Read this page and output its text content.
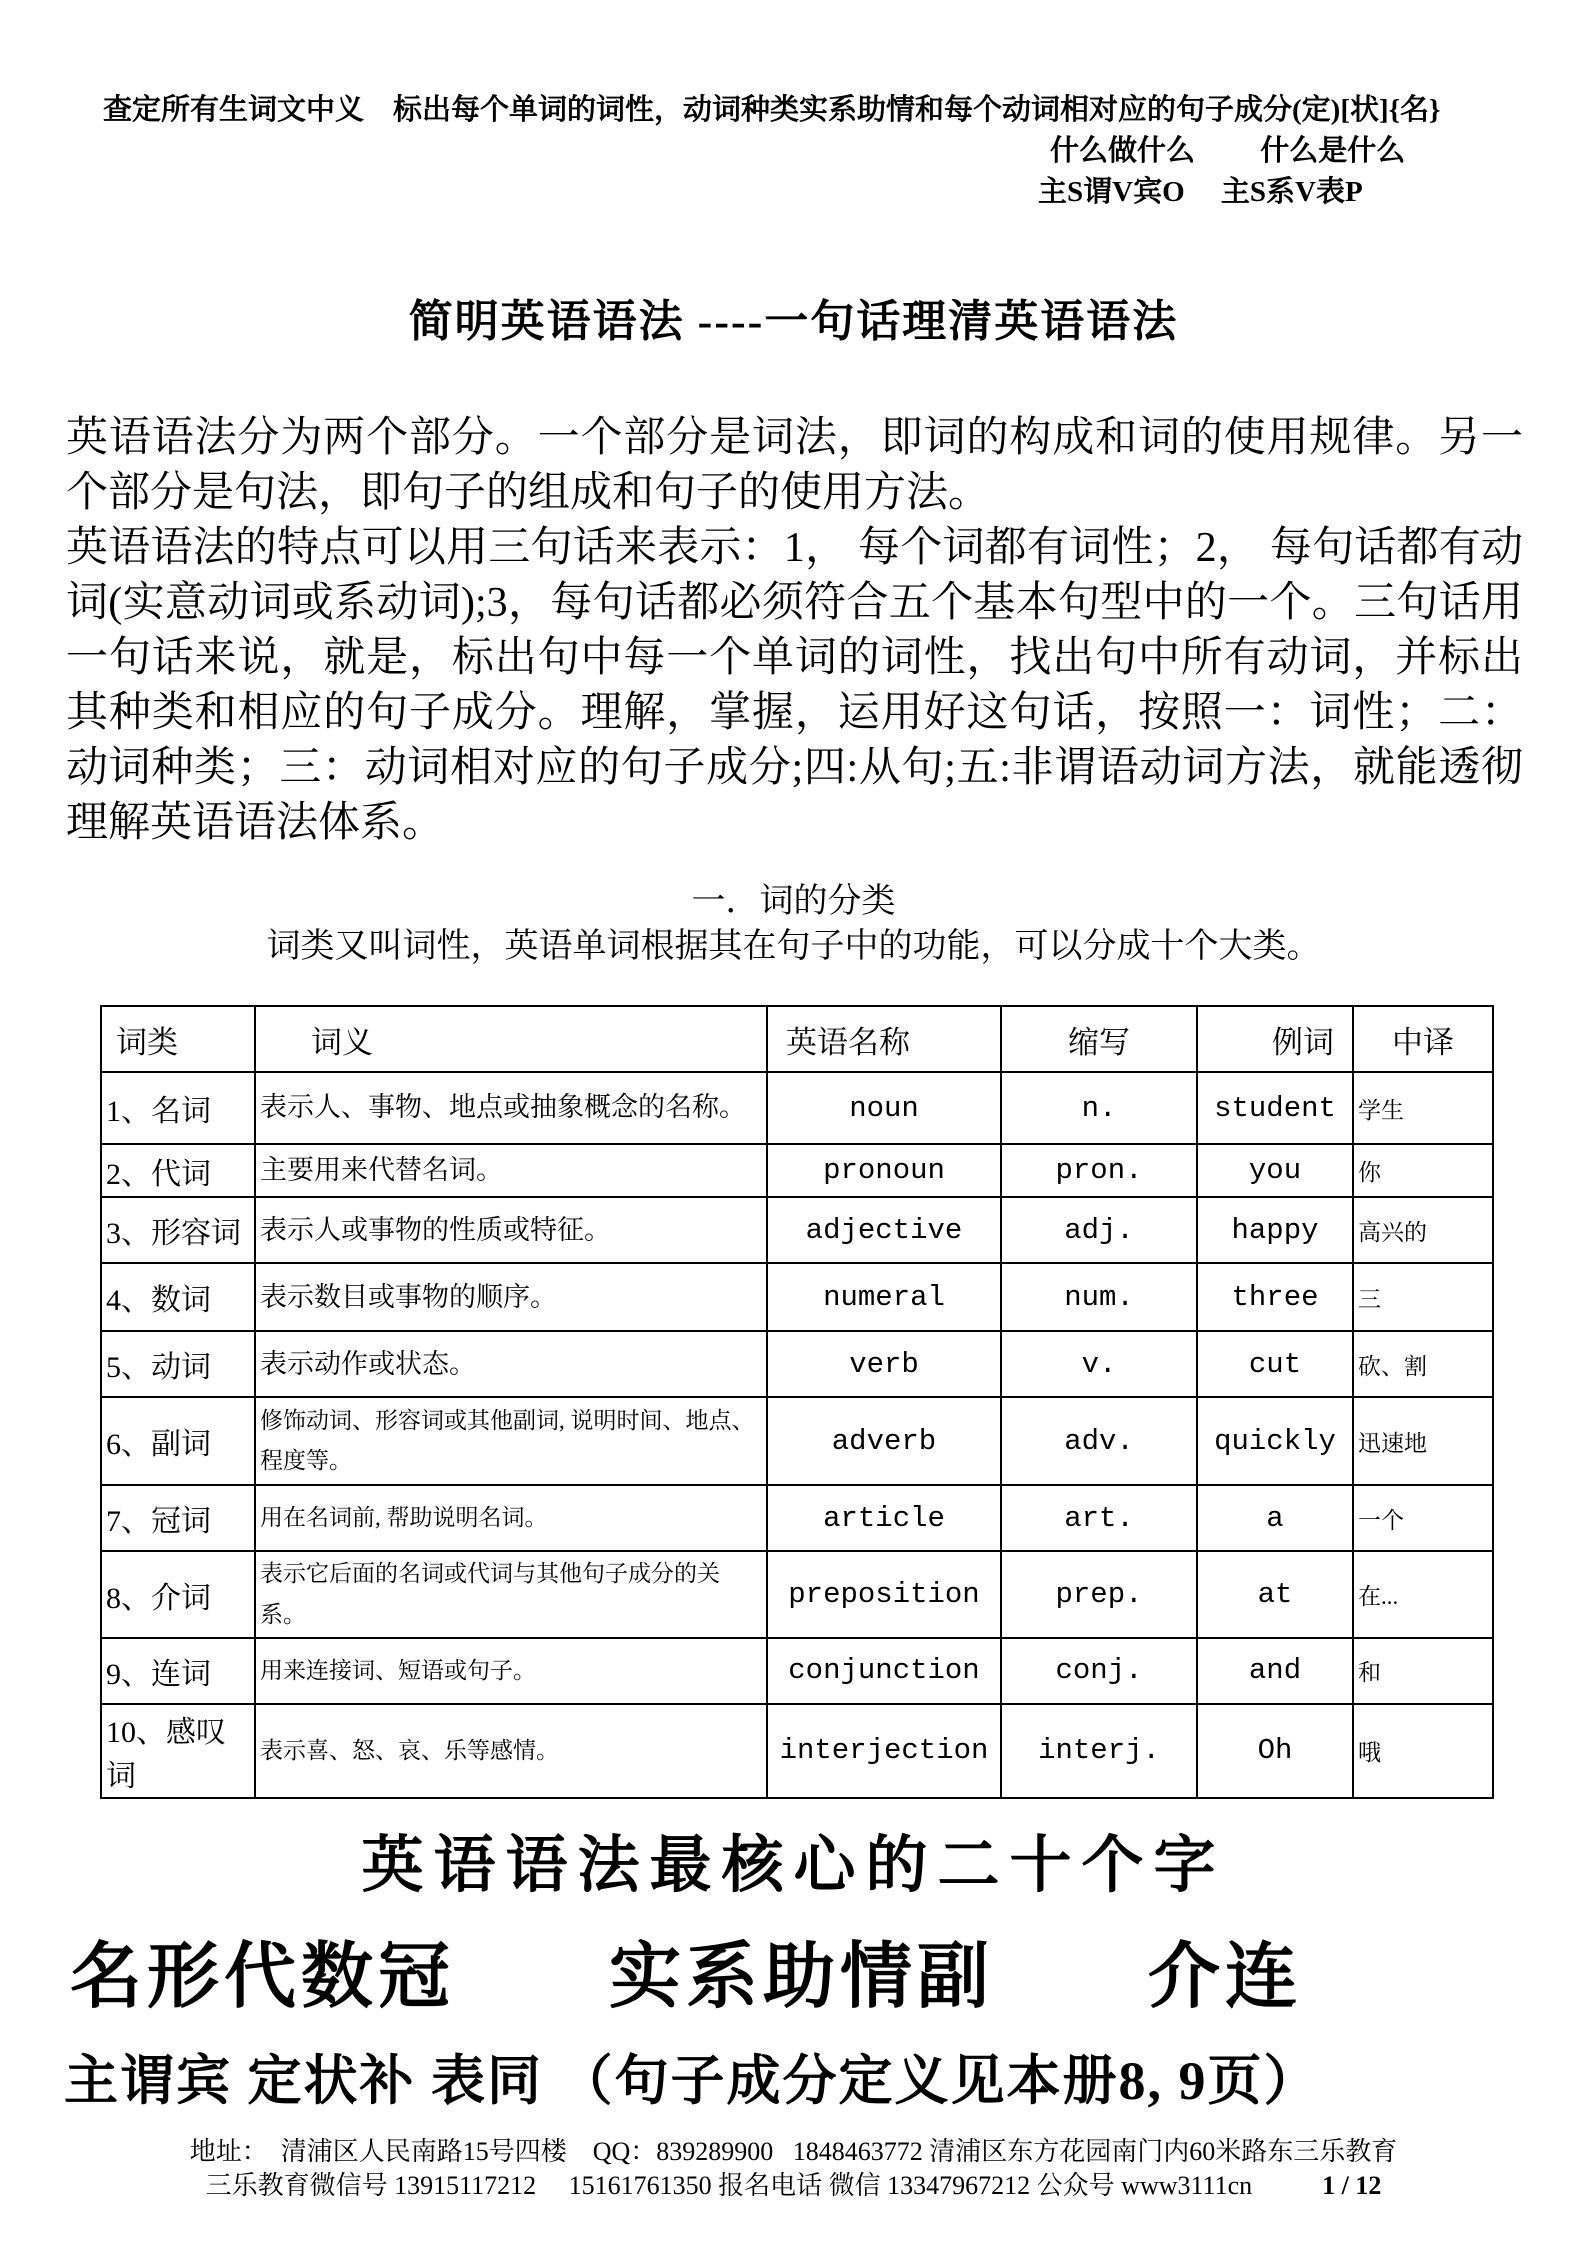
查定所有生词文中义　标出每个单词的词性，动词种类实系助情和每个动词相对应的句子成分(定)[状]{名}
什么做什么　　 什么是什么
主S谓V宾O　 主S系V表P
简明英语语法 ----一句话理清英语语法

英语语法分为两个部分。一个部分是词法，即词的构成和词的使用规律。另一个部分是句法，即句子的组成和句子的使用方法。

英语语法的特点可以用三句话来表示：1， 每个词都有词性；2， 每句话都有动词(实意动词或系动词);3，每句话都必须符合五个基本句型中的一个。三句话用一句话来说，就是，标出句中每一个单词的词性，找出句中所有动词，并标出其种类和相应的句子成分。理解，掌握，运用好这句话，按照一：词性；二：动词种类；三：动词相对应的句子成分;四:从句;五:非谓语动词方法，就能透彻理解英语语法体系。

一．词的分类
词类又叫词性，英语单词根据其在句子中的功能，可以分成十个大类。
词类	词义	英语名称	缩写	例词	中译
1、名词	表示人、事物、地点或抽象概念的名称。	noun	n.	student	学生
2、代词	主要用来代替名词。	pronoun	pron.	you	你
3、形容词	表示人或事物的性质或特征。	adjective	adj.	happy	高兴的
4、数词	表示数目或事物的顺序。	numeral	num.	three	三
5、动词	表示动作或状态。	verb	v.	cut	砍、割
6、副词	修饰动词、形容词或其他副词, 说明时间、地点、程度等。	adverb	adv.	quickly	迅速地
7、冠词	用在名词前, 帮助说明名词。	article	art.	a	一个
8、介词	表示它后面的名词或代词与其他句子成分的关系。	preposition	prep.	at	在...
9、连词	用来连接词、短语或句子。	conjunction	conj.	and	和
10、感叹词	表示喜、怒、哀、乐等感情。	interjection	interj.	Oh	哦
英语语法最核心的二十个字
名形代数冠　　实系助情副　　介连
主谓宾 定状补 表同 （句子成分定义见本册8, 9页）
地址：  清浦区人民南路15号四楼    QQ：839289900   1848463772 清浦区东方花园南门内60米路东三乐教育
三乐教育微信号 13915117212     15161761350 报名电话 微信 13347967212 公众号 www3111cn	1 / 12
